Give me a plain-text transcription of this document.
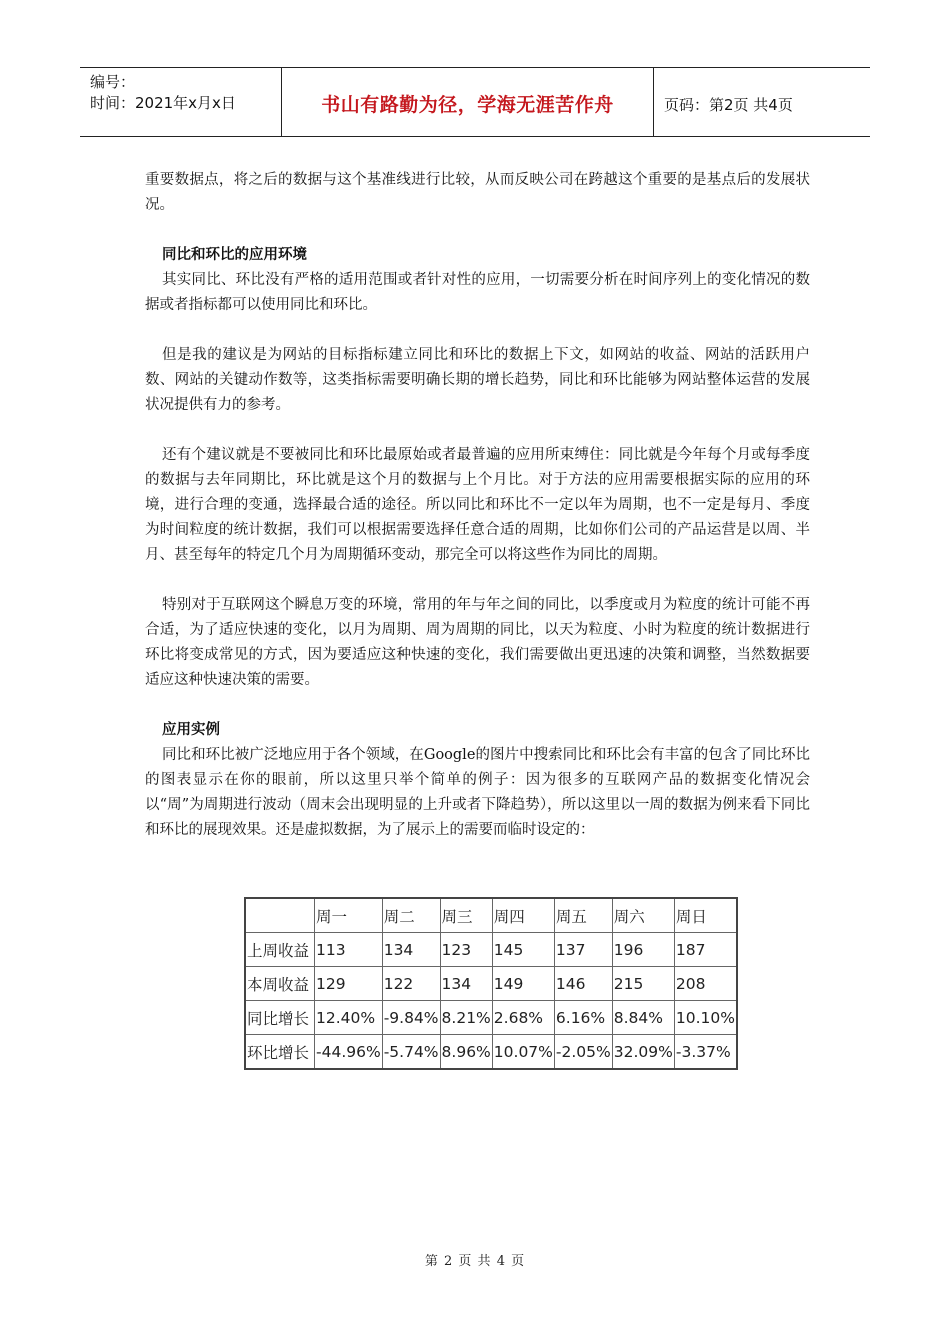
编号：
时间：2021年x月x日	书山有路勤为径，学海无涯苦作舟	页码：第2页 共4页

重要数据点，将之后的数据与这个基准线进行比较，从而反映公司在跨越这个重要的是基点后的发展状况。

同比和环比的应用环境

其实同比、环比没有严格的适用范围或者针对性的应用，一切需要分析在时间序列上的变化情况的数据或者指标都可以使用同比和环比。

但是我的建议是为网站的目标指标建立同比和环比的数据上下文，如网站的收益、网站的活跃用户数、网站的关键动作数等，这类指标需要明确长期的增长趋势，同比和环比能够为网站整体运营的发展状况提供有力的参考。

还有个建议就是不要被同比和环比最原始或者最普遍的应用所束缚住：同比就是今年每个月或每季度的数据与去年同期比，环比就是这个月的数据与上个月比。对于方法的应用需要根据实际的应用的环境，进行合理的变通，选择最合适的途径。所以同比和环比不一定以年为周期，也不一定是每月、季度为时间粒度的统计数据，我们可以根据需要选择任意合适的周期，比如你们公司的产品运营是以周、半月、甚至每年的特定几个月为周期循环变动，那完全可以将这些作为同比的周期。

特别对于互联网这个瞬息万变的环境，常用的年与年之间的同比，以季度或月为粒度的统计可能不再合适，为了适应快速的变化，以月为周期、周为周期的同比，以天为粒度、小时为粒度的统计数据进行环比将变成常见的方式，因为要适应这种快速的变化，我们需要做出更迅速的决策和调整，当然数据要适应这种快速决策的需要。

应用实例

同比和环比被广泛地应用于各个领域，在Google的图片中搜索同比和环比会有丰富的包含了同比环比的图表显示在你的眼前，所以这里只举个简单的例子：因为很多的互联网产品的数据变化情况会以“周”为周期进行波动（周末会出现明显的上升或者下降趋势），所以这里以一周的数据为例来看下同比和环比的展现效果。还是虚拟数据，为了展示上的需要而临时设定的：

	周一	周二	周三	周四	周五	周六	周日
上周收益	113	134	123	145	137	196	187
本周收益	129	122	134	149	146	215	208
同比增长	12.40%	-9.84%	8.21%	2.68%	6.16%	8.84%	10.10%
环比增长	-44.96%	-5.74%	8.96%	10.07%	-2.05%	32.09%	-3.37%
第 2 页 共 4 页
